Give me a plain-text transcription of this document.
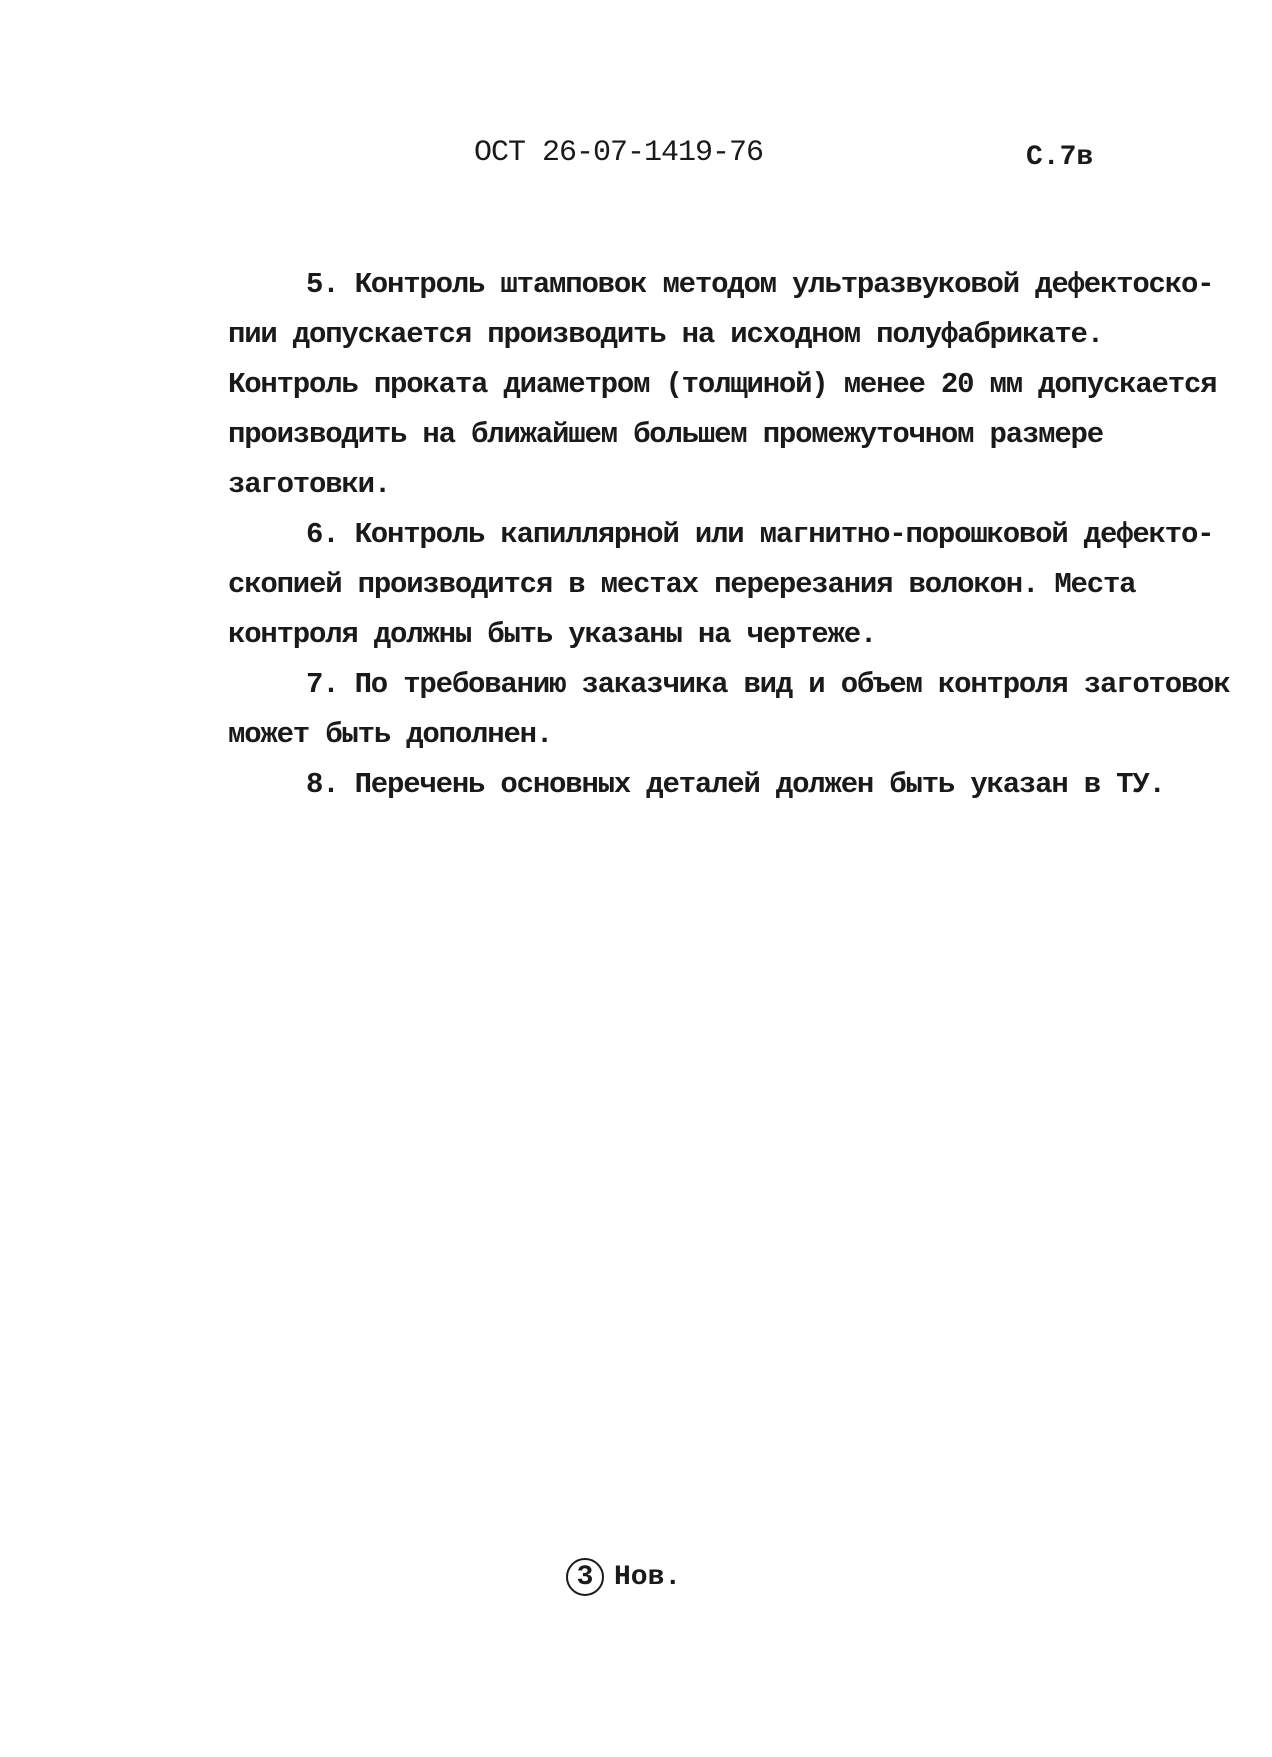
ОСТ 26-07-1419-76	С.7в
5. Контроль штамповок методом ультразвуковой дефектоско-
пии допускается производить на исходном полуфабрикате.
Контроль проката диаметром (толщиной) менее 20 мм допускается
производить на ближайшем большем промежуточном размере
заготовки.
6. Контроль капиллярной или магнитно-порошковой дефекто-
скопией производится в местах перерезания волокон. Места
контроля должны быть указаны на чертеже.
7. По требованию заказчика вид и объем контроля заготовок
может быть дополнен.
8. Перечень основных деталей должен быть указан в ТУ.
3 Нов.
